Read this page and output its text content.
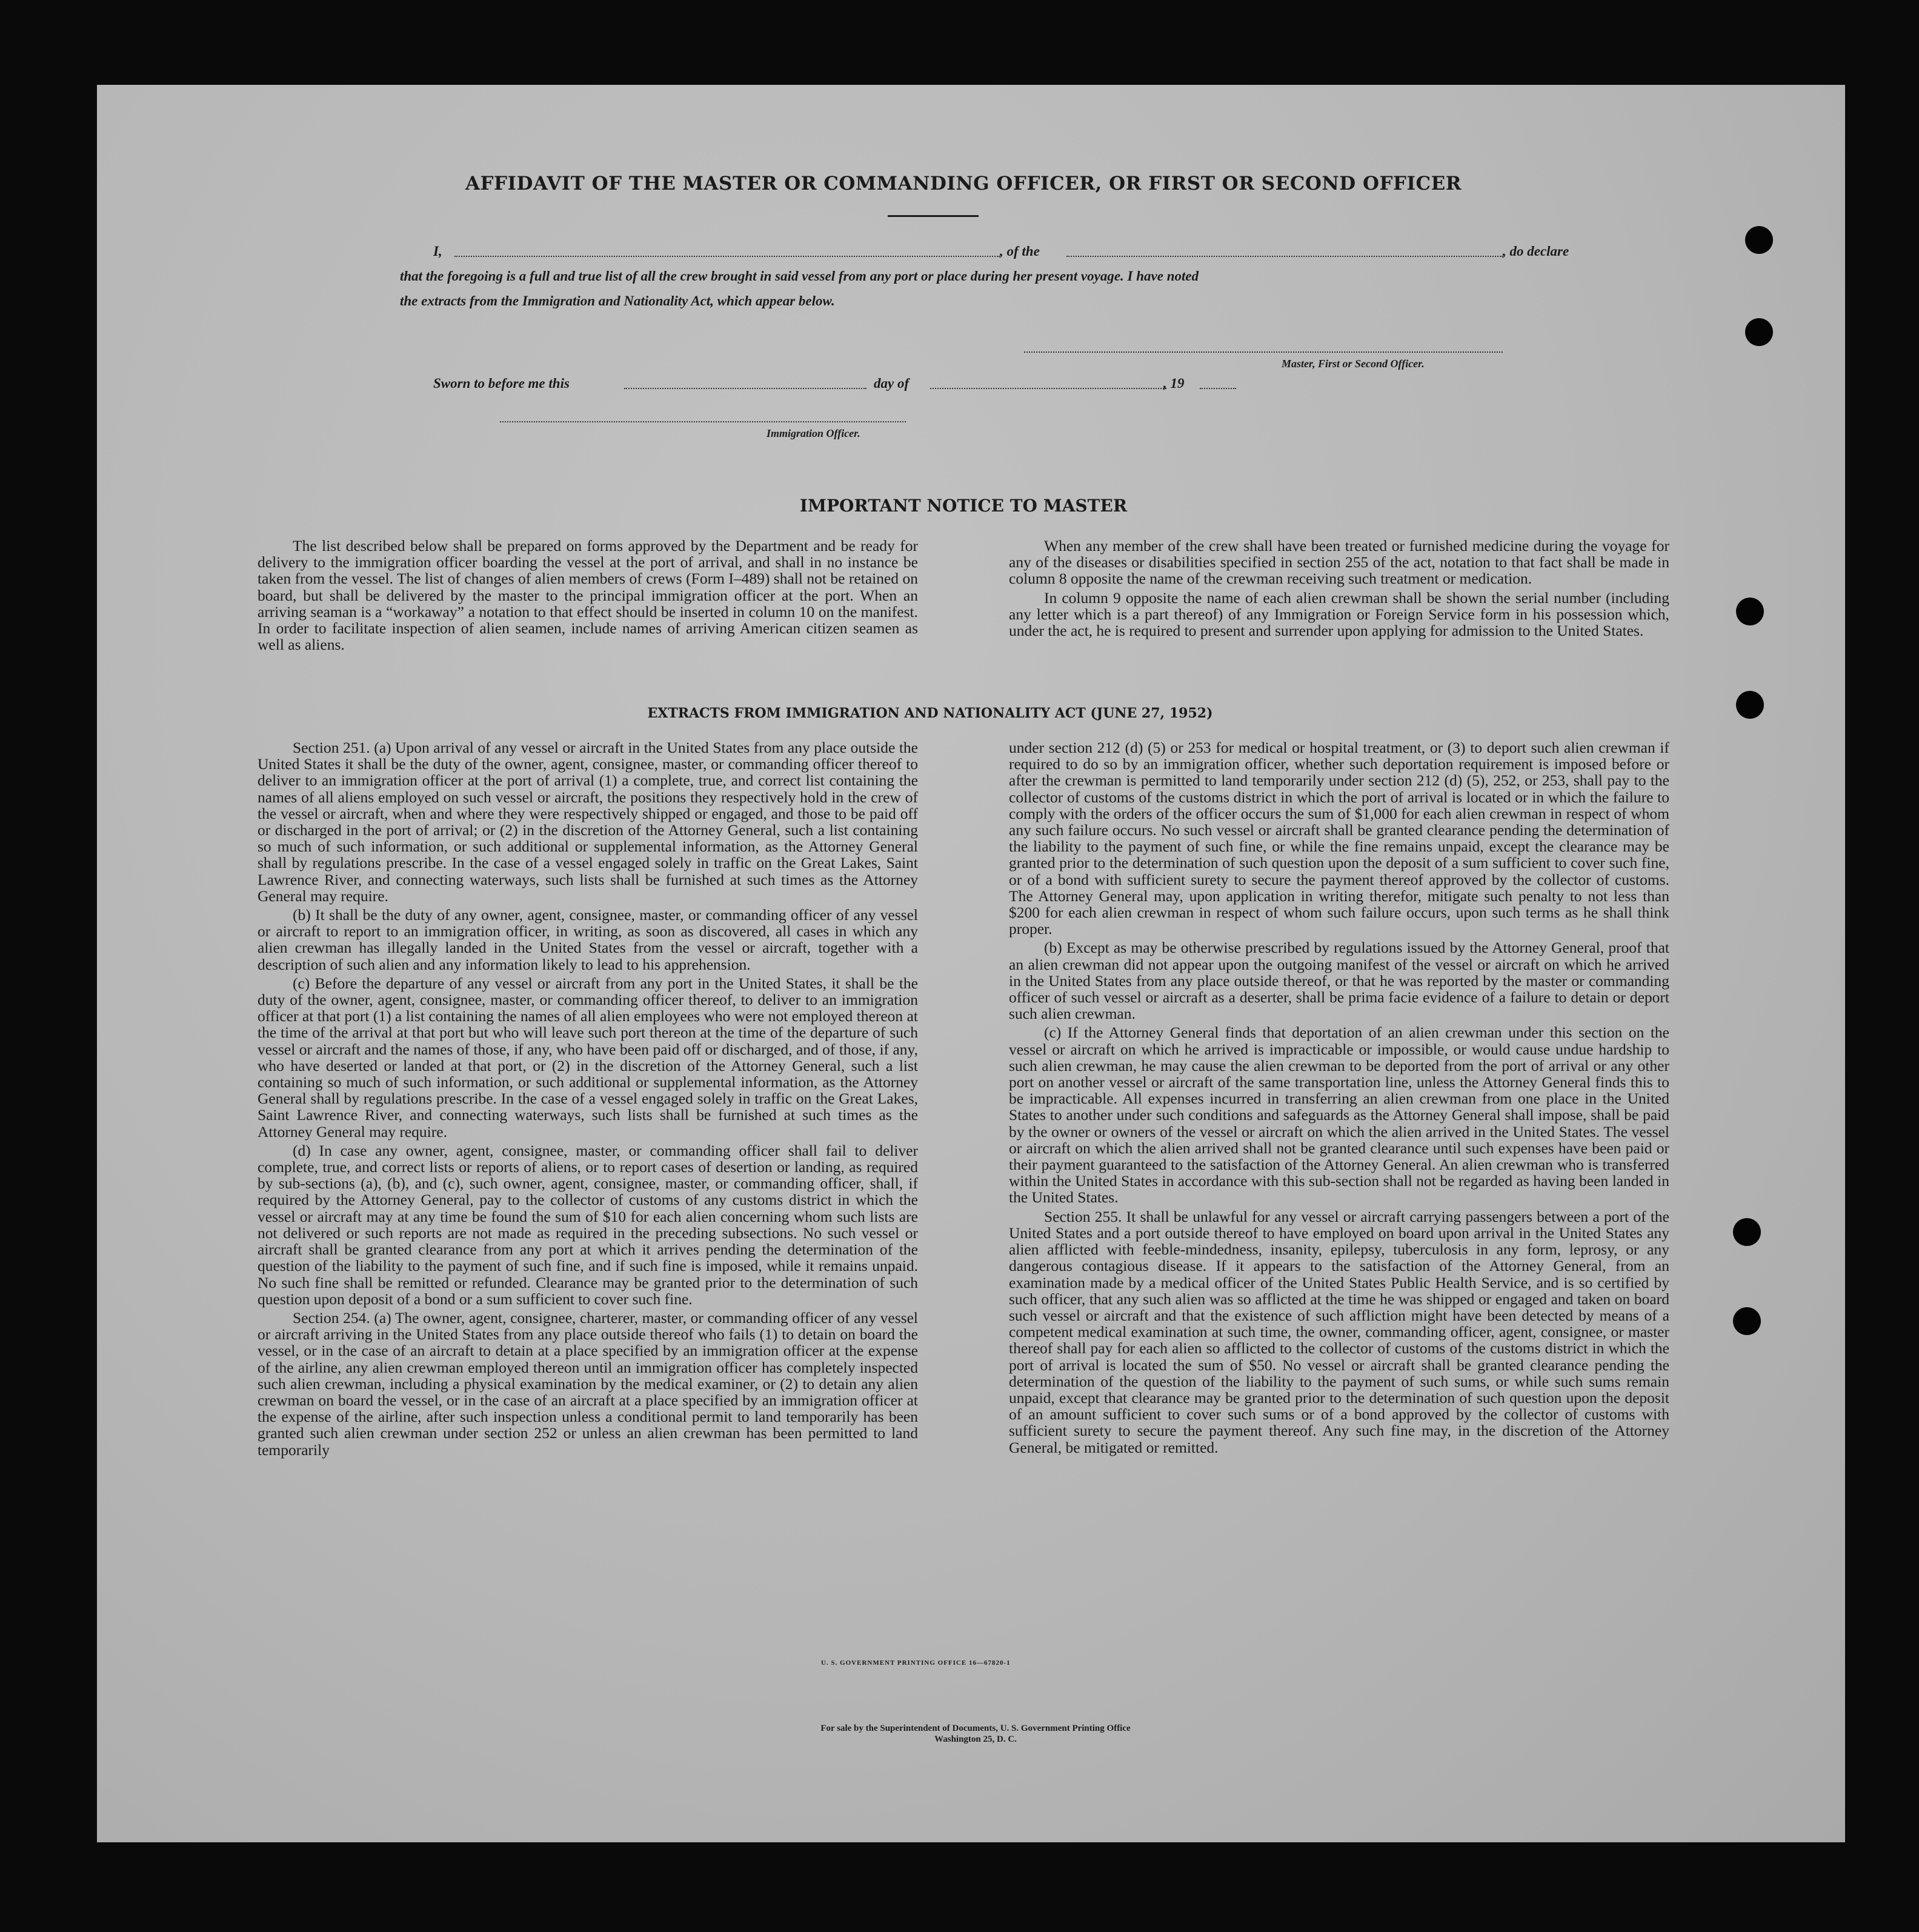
AFFIDAVIT OF THE MASTER OR COMMANDING OFFICER, OR FIRST OR SECOND OFFICER
I,	, of the	, do declare
that the foregoing is a full and true list of all the crew brought in said vessel from any port or place during her present voyage. I have noted
the extracts from the Immigration and Nationality Act, which appear below.
Master, First or Second Officer.
Sworn to before me this	day of	, 19
Immigration Officer.
IMPORTANT NOTICE TO MASTER

The list described below shall be prepared on forms approved by the Department and be ready for delivery to the immigration officer boarding the vessel at the port of arrival, and shall in no instance be taken from the vessel. The list of changes of alien members of crews (Form I–489) shall not be retained on board, but shall be delivered by the master to the principal immigration officer at the port. When an arriving seaman is a “workaway” a notation to that effect should be inserted in column 10 on the manifest. In order to facilitate inspection of alien seamen, include names of arriving American citizen seamen as well as aliens.

When any member of the crew shall have been treated or furnished medicine during the voyage for any of the diseases or disabilities specified in section 255 of the act, notation to that fact shall be made in column 8 opposite the name of the crewman receiving such treatment or medication.

In column 9 opposite the name of each alien crewman shall be shown the serial number (including any letter which is a part thereof) of any Immigration or Foreign Service form in his possession which, under the act, he is required to present and surrender upon applying for admission to the United States.

EXTRACTS FROM IMMIGRATION AND NATIONALITY ACT (JUNE 27, 1952)

Section 251. (a) Upon arrival of any vessel or aircraft in the United States from any place outside the United States it shall be the duty of the owner, agent, consignee, master, or commanding officer thereof to deliver to an immigration officer at the port of arrival (1) a complete, true, and correct list containing the names of all aliens employed on such vessel or aircraft, the positions they respectively hold in the crew of the vessel or aircraft, when and where they were respectively shipped or engaged, and those to be paid off or discharged in the port of arrival; or (2) in the discretion of the Attorney General, such a list containing so much of such information, or such additional or supplemental information, as the Attorney General shall by regulations prescribe. In the case of a vessel engaged solely in traffic on the Great Lakes, Saint Lawrence River, and connecting waterways, such lists shall be furnished at such times as the Attorney General may require.

(b) It shall be the duty of any owner, agent, consignee, master, or commanding officer of any vessel or aircraft to report to an immigration officer, in writing, as soon as discovered, all cases in which any alien crewman has illegally landed in the United States from the vessel or aircraft, together with a description of such alien and any information likely to lead to his apprehension.

(c) Before the departure of any vessel or aircraft from any port in the United States, it shall be the duty of the owner, agent, consignee, master, or commanding officer thereof, to deliver to an immigration officer at that port (1) a list containing the names of all alien employees who were not employed thereon at the time of the arrival at that port but who will leave such port thereon at the time of the departure of such vessel or aircraft and the names of those, if any, who have been paid off or discharged, and of those, if any, who have deserted or landed at that port, or (2) in the discretion of the Attorney General, such a list containing so much of such information, or such additional or supplemental information, as the Attorney General shall by regulations prescribe. In the case of a vessel engaged solely in traffic on the Great Lakes, Saint Lawrence River, and connecting waterways, such lists shall be furnished at such times as the Attorney General may require.

(d) In case any owner, agent, consignee, master, or commanding officer shall fail to deliver complete, true, and correct lists or reports of aliens, or to report cases of desertion or landing, as required by sub-sections (a), (b), and (c), such owner, agent, consignee, master, or commanding officer, shall, if required by the Attorney General, pay to the collector of customs of any customs district in which the vessel or aircraft may at any time be found the sum of $10 for each alien concerning whom such lists are not delivered or such reports are not made as required in the preceding subsections. No such vessel or aircraft shall be granted clearance from any port at which it arrives pending the determination of the question of the liability to the payment of such fine, and if such fine is imposed, while it remains unpaid. No such fine shall be remitted or refunded. Clearance may be granted prior to the determination of such question upon deposit of a bond or a sum sufficient to cover such fine.

Section 254. (a) The owner, agent, consignee, charterer, master, or commanding officer of any vessel or aircraft arriving in the United States from any place outside thereof who fails (1) to detain on board the vessel, or in the case of an aircraft to detain at a place specified by an immigration officer at the expense of the airline, any alien crewman employed thereon until an immigration officer has completely inspected such alien crewman, including a physical examination by the medical examiner, or (2) to detain any alien crewman on board the vessel, or in the case of an aircraft at a place specified by an immigration officer at the expense of the airline, after such inspection unless a conditional permit to land temporarily has been granted such alien crewman under section 252 or unless an alien crewman has been permitted to land temporarily

under section 212 (d) (5) or 253 for medical or hospital treatment, or (3) to deport such alien crewman if required to do so by an immigration officer, whether such deportation requirement is imposed before or after the crewman is permitted to land temporarily under section 212 (d) (5), 252, or 253, shall pay to the collector of customs of the customs district in which the port of arrival is located or in which the failure to comply with the orders of the officer occurs the sum of $1,000 for each alien crewman in respect of whom any such failure occurs. No such vessel or aircraft shall be granted clearance pending the determination of the liability to the payment of such fine, or while the fine remains unpaid, except the clearance may be granted prior to the determination of such question upon the deposit of a sum sufficient to cover such fine, or of a bond with sufficient surety to secure the payment thereof approved by the collector of customs. The Attorney General may, upon application in writing therefor, mitigate such penalty to not less than $200 for each alien crewman in respect of whom such failure occurs, upon such terms as he shall think proper.

(b) Except as may be otherwise prescribed by regulations issued by the Attorney General, proof that an alien crewman did not appear upon the outgoing manifest of the vessel or aircraft on which he arrived in the United States from any place outside thereof, or that he was reported by the master or commanding officer of such vessel or aircraft as a deserter, shall be prima facie evidence of a failure to detain or deport such alien crewman.

(c) If the Attorney General finds that deportation of an alien crewman under this section on the vessel or aircraft on which he arrived is impracticable or impossible, or would cause undue hardship to such alien crewman, he may cause the alien crewman to be deported from the port of arrival or any other port on another vessel or aircraft of the same transportation line, unless the Attorney General finds this to be impracticable. All expenses incurred in transferring an alien crewman from one place in the United States to another under such conditions and safeguards as the Attorney General shall impose, shall be paid by the owner or owners of the vessel or aircraft on which the alien arrived in the United States. The vessel or aircraft on which the alien arrived shall not be granted clearance until such expenses have been paid or their payment guaranteed to the satisfaction of the Attorney General. An alien crewman who is transferred within the United States in accordance with this sub-section shall not be regarded as having been landed in the United States.

Section 255. It shall be unlawful for any vessel or aircraft carrying passengers between a port of the United States and a port outside thereof to have employed on board upon arrival in the United States any alien afflicted with feeble-mindedness, insanity, epilepsy, tuberculosis in any form, leprosy, or any dangerous contagious disease. If it appears to the satisfaction of the Attorney General, from an examination made by a medical officer of the United States Public Health Service, and is so certified by such officer, that any such alien was so afflicted at the time he was shipped or engaged and taken on board such vessel or aircraft and that the existence of such affliction might have been detected by means of a competent medical examination at such time, the owner, commanding officer, agent, consignee, or master thereof shall pay for each alien so afflicted to the collector of customs of the customs district in which the port of arrival is located the sum of $50. No vessel or aircraft shall be granted clearance pending the determination of the question of the liability to the payment of such sums, or while such sums remain unpaid, except that clearance may be granted prior to the determination of such question upon the deposit of an amount sufficient to cover such sums or of a bond approved by the collector of customs with sufficient surety to secure the payment thereof. Any such fine may, in the discretion of the Attorney General, be mitigated or remitted.

U. S. GOVERNMENT PRINTING OFFICE 16—67820-1
For sale by the Superintendent of Documents, U. S. Government Printing Office
Washington 25, D. C.
